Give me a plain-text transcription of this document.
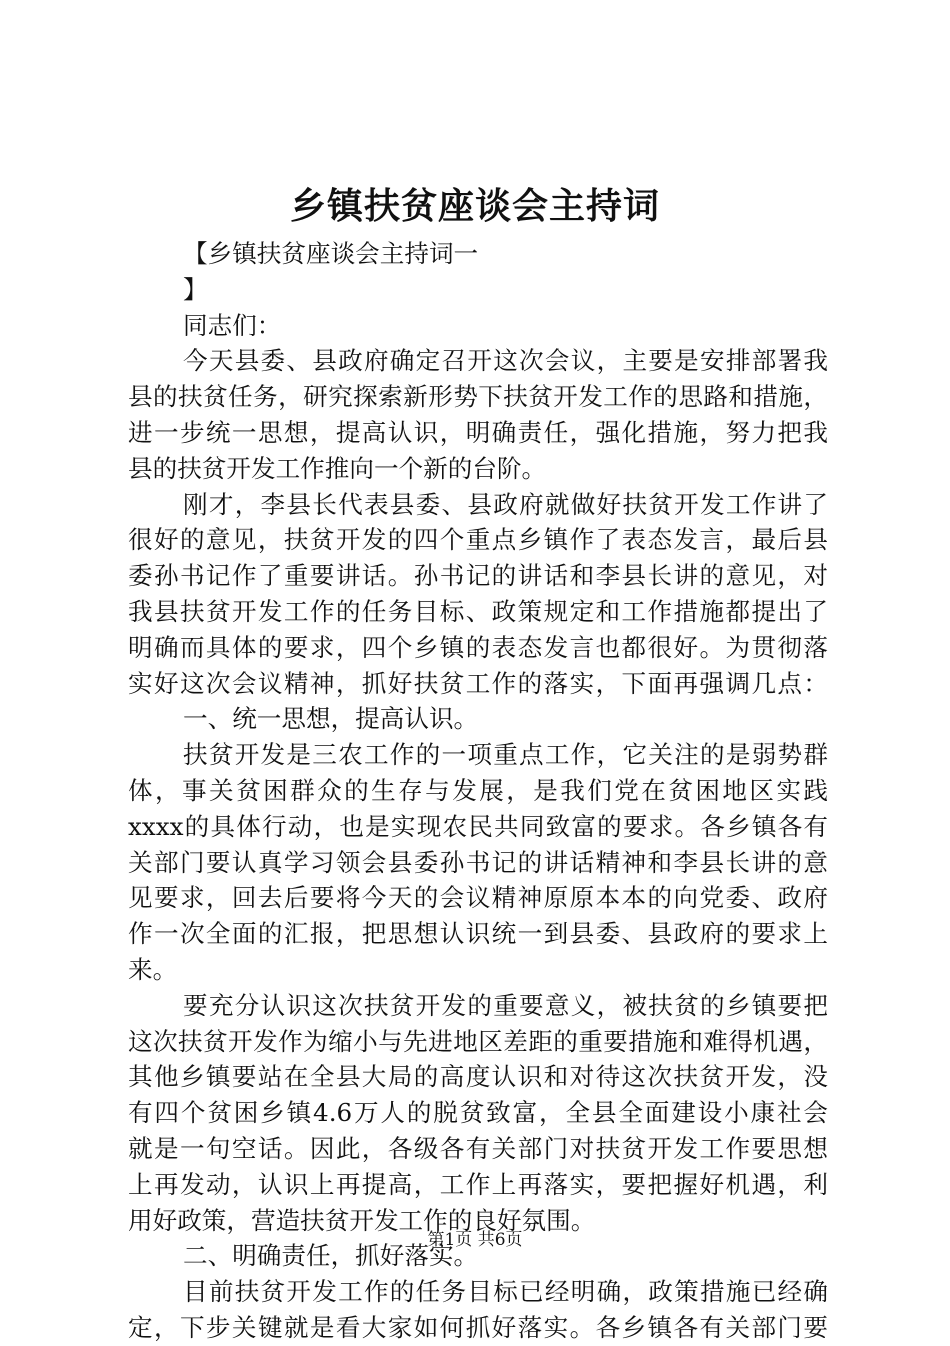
乡镇扶贫座谈会主持词
【乡镇扶贫座谈会主持词一
】
同志们：
今天县委、县政府确定召开这次会议，主要是安排部署我
县的扶贫任务，研究探索新形势下扶贫开发工作的思路和措施，
进一步统一思想，提高认识，明确责任，强化措施，努力把我
县的扶贫开发工作推向一个新的台阶。
刚才，李县长代表县委、县政府就做好扶贫开发工作讲了
很好的意见，扶贫开发的四个重点乡镇作了表态发言，最后县
委孙书记作了重要讲话。孙书记的讲话和李县长讲的意见，对
我县扶贫开发工作的任务目标、政策规定和工作措施都提出了
明确而具体的要求，四个乡镇的表态发言也都很好。为贯彻落
实好这次会议精神，抓好扶贫工作的落实，下面再强调几点：
一、统一思想，提高认识。
扶贫开发是三农工作的一项重点工作，它关注的是弱势群
体，事关贫困群众的生存与发展，是我们党在贫困地区实践
xxxx的具体行动，也是实现农民共同致富的要求。各乡镇各有
关部门要认真学习领会县委孙书记的讲话精神和李县长讲的意
见要求，回去后要将今天的会议精神原原本本的向党委、政府
作一次全面的汇报，把思想认识统一到县委、县政府的要求上
来。
要充分认识这次扶贫开发的重要意义，被扶贫的乡镇要把
这次扶贫开发作为缩小与先进地区差距的重要措施和难得机遇，
其他乡镇要站在全县大局的高度认识和对待这次扶贫开发，没
有四个贫困乡镇4.6万人的脱贫致富，全县全面建设小康社会
就是一句空话。因此，各级各有关部门对扶贫开发工作要思想
上再发动，认识上再提高，工作上再落实，要把握好机遇，利
用好政策，营造扶贫开发工作的良好氛围。
二、明确责任，抓好落实。
目前扶贫开发工作的任务目标已经明确，政策措施已经确
定，下步关键就是看大家如何抓好落实。各乡镇各有关部门要
第1页 共6页
